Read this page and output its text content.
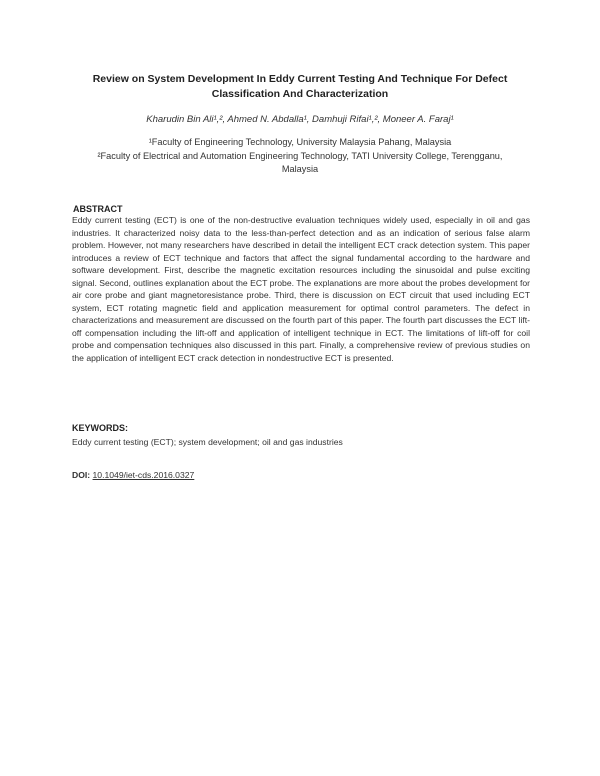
Review on System Development In Eddy Current Testing And Technique For Defect
Classification And Characterization
Kharudin Bin Ali¹,², Ahmed N. Abdalla¹, Damhuji Rifai¹,², Moneer A. Faraj¹
¹Faculty of Engineering Technology, University Malaysia Pahang, Malaysia
²Faculty of Electrical and Automation Engineering Technology, TATI University College, Terengganu,
Malaysia
ABSTRACT
Eddy current testing (ECT) is one of the non-destructive evaluation techniques widely used, especially in oil and gas industries. It characterized noisy data to the less-than-perfect detection and as an indication of serious false alarm problem. However, not many researchers have described in detail the intelligent ECT crack detection system. This paper introduces a review of ECT technique and factors that affect the signal fundamental according to the hardware and software development. First, describe the magnetic excitation resources including the sinusoidal and pulse exciting signal. Second, outlines explanation about the ECT probe. The explanations are more about the probes development for air core probe and giant magnetoresistance probe. Third, there is discussion on ECT circuit that used including ECT system, ECT rotating magnetic field and application measurement for optimal control parameters. The defect in characterizations and measurement are discussed on the fourth part of this paper. The fourth part discusses the ECT lift-off compensation including the lift-off and application of intelligent technique in ECT. The limitations of lift-off for coil probe and compensation techniques also discussed in this part. Finally, a comprehensive review of previous studies on the application of intelligent ECT crack detection in nondestructive ECT is presented.
KEYWORDS:
Eddy current testing (ECT); system development; oil and gas industries
DOI: 10.1049/iet-cds.2016.0327
